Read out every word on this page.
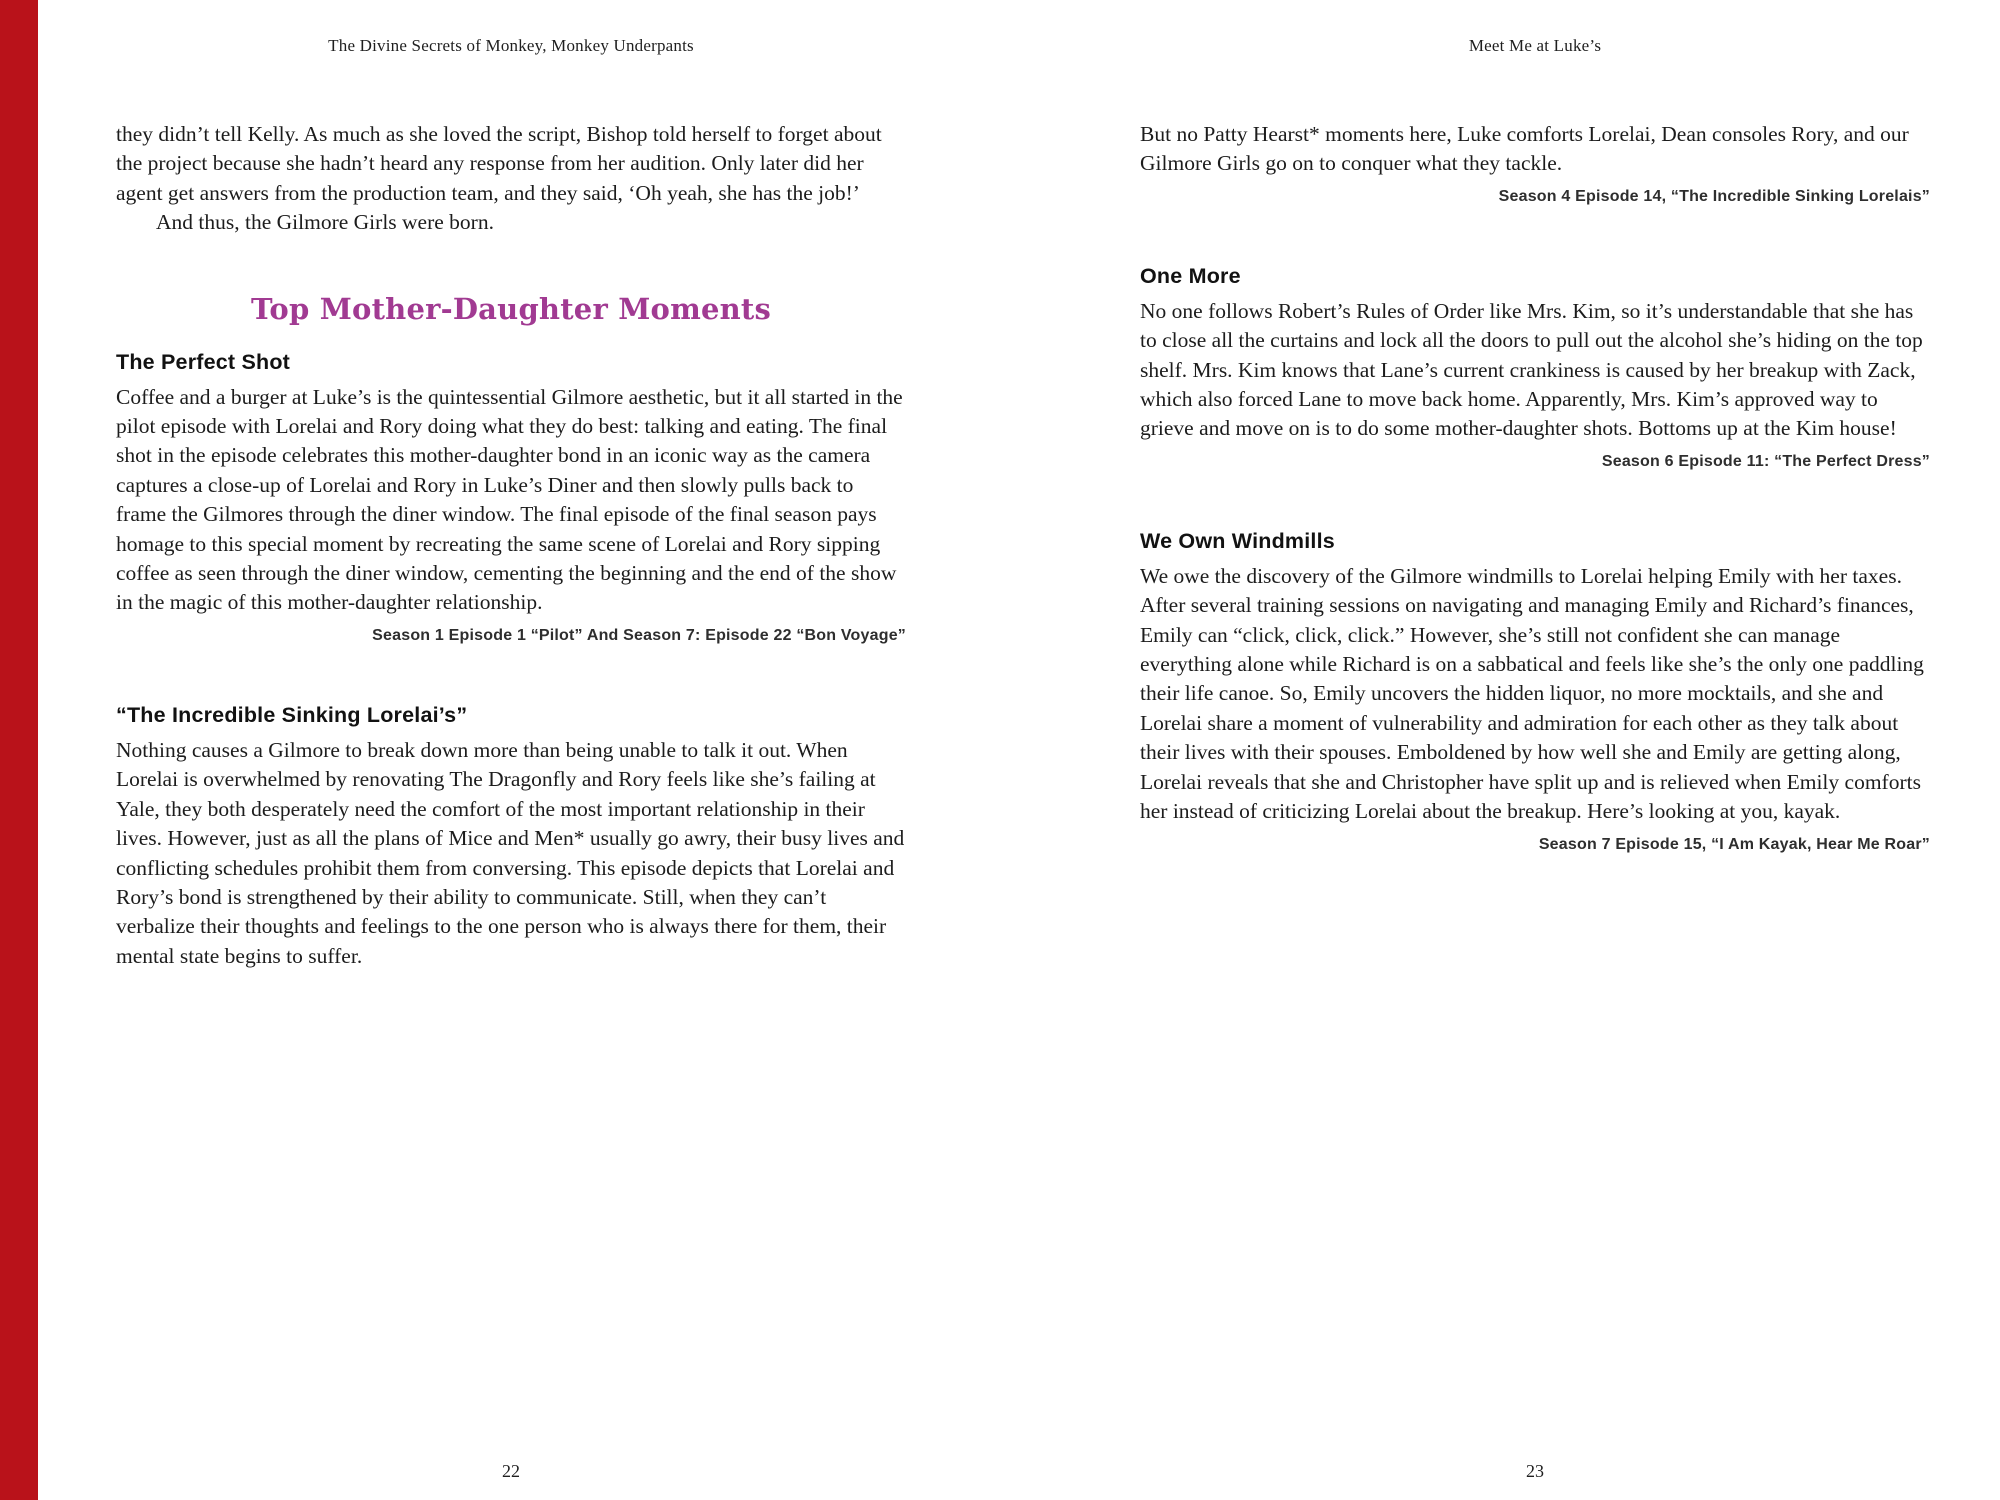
The Divine Secrets of Monkey, Monkey Underpants

they didn’t tell Kelly. As much as she loved the script, Bishop told herself to forget about the project because she hadn’t heard any response from her audition. Only later did her agent get answers from the production team, and they said, ‘Oh yeah, she has the job!’

And thus, the Gilmore Girls were born.

Top Mother-Daughter Moments
The Perfect Shot

Coffee and a burger at Luke’s is the quintessential Gilmore aesthetic, but it all started in the pilot episode with Lorelai and Rory doing what they do best: talking and eating. The final shot in the episode celebrates this mother-daughter bond in an iconic way as the camera captures a close-up of Lorelai and Rory in Luke’s Diner and then slowly pulls back to frame the Gilmores through the diner window. The final episode of the final season pays homage to this special moment by recreating the same scene of Lorelai and Rory sipping coffee as seen through the diner window, cementing the beginning and the end of the show in the magic of this mother-daughter relationship.

Season 1 Episode 1 “Pilot” And Season 7: Episode 22 “Bon Voyage”
“The Incredible Sinking Lorelai’s”

Nothing causes a Gilmore to break down more than being unable to talk it out. When Lorelai is overwhelmed by renovating The Dragonfly and Rory feels like she’s failing at Yale, they both desperately need the comfort of the most important relationship in their lives. However, just as all the plans of Mice and Men* usually go awry, their busy lives and conflicting schedules prohibit them from conversing. This episode depicts that Lorelai and Rory’s bond is strengthened by their ability to communicate. Still, when they can’t verbalize their thoughts and feelings to the one person who is always there for them, their mental state begins to suffer.

22
Meet Me at Luke’s

But no Patty Hearst* moments here, Luke comforts Lorelai, Dean consoles Rory, and our Gilmore Girls go on to conquer what they tackle.

Season 4 Episode 14, “The Incredible Sinking Lorelais”
One More

No one follows Robert’s Rules of Order like Mrs. Kim, so it’s understandable that she has to close all the curtains and lock all the doors to pull out the alcohol she’s hiding on the top shelf. Mrs. Kim knows that Lane’s current crankiness is caused by her breakup with Zack, which also forced Lane to move back home. Apparently, Mrs. Kim’s approved way to grieve and move on is to do some mother-daughter shots. Bottoms up at the Kim house!

Season 6 Episode 11: “The Perfect Dress”
We Own Windmills

We owe the discovery of the Gilmore windmills to Lorelai helping Emily with her taxes. After several training sessions on navigating and managing Emily and Richard’s finances, Emily can “click, click, click.” However, she’s still not confident she can manage everything alone while Richard is on a sabbatical and feels like she’s the only one paddling their life canoe. So, Emily uncovers the hidden liquor, no more mocktails, and she and Lorelai share a moment of vulnerability and admiration for each other as they talk about their lives with their spouses. Emboldened by how well she and Emily are getting along, Lorelai reveals that she and Christopher have split up and is relieved when Emily comforts her instead of criticizing Lorelai about the breakup. Here’s looking at you, kayak.

Season 7 Episode 15, “I Am Kayak, Hear Me Roar”
23
